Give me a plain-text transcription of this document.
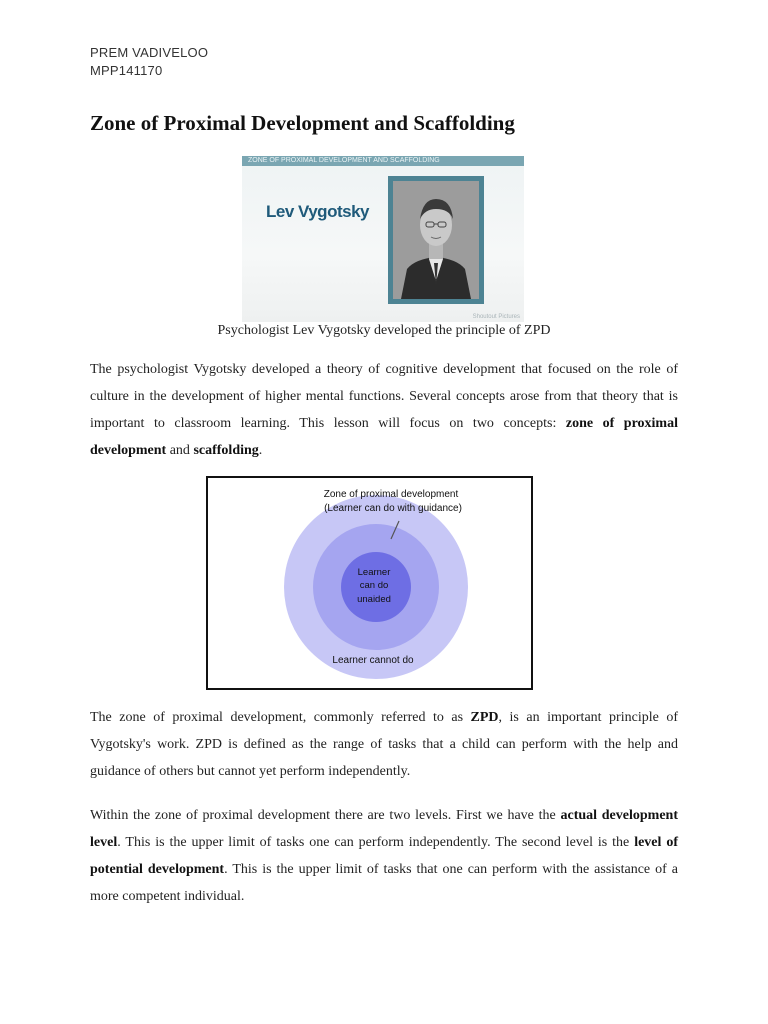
PREM VADIVELOO
MPP141170
Zone of Proximal Development and Scaffolding
ZONE OF PROXIMAL DEVELOPMENT AND SCAFFOLDING
Lev Vygotsky
Shoutout Pictures
Psychologist Lev Vygotsky developed the principle of ZPD

The psychologist Vygotsky developed a theory of cognitive development that focused on the role of culture in the development of higher mental functions. Several concepts arose from that theory that is important to classroom learning. This lesson will focus on two concepts: zone of proximal development and scaffolding.

Zone of proximal development
(Learner can do with guidance)
Learner
can do
unaided
Learner cannot do

The zone of proximal development, commonly referred to as ZPD, is an important principle of Vygotsky's work. ZPD is defined as the range of tasks that a child can perform with the help and guidance of others but cannot yet perform independently.

Within the zone of proximal development there are two levels. First we have the actual development level. This is the upper limit of tasks one can perform independently. The second level is the level of potential development. This is the upper limit of tasks that one can perform with the assistance of a more competent individual.
